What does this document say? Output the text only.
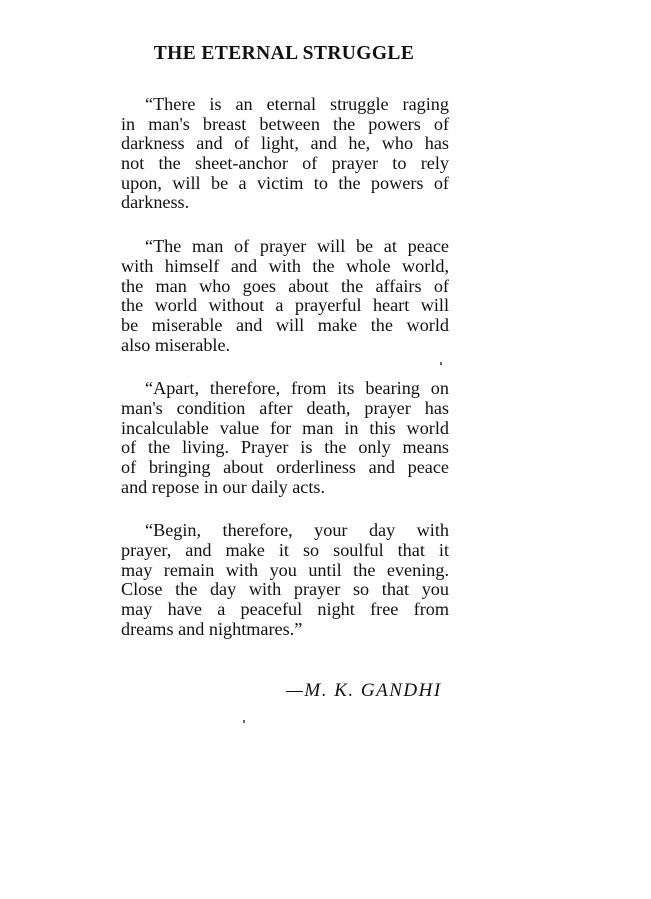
THE ETERNAL STRUGGLE

“There is an eternal struggle raging
in man's breast between the powers of
darkness and of light, and he, who has
not the sheet-anchor of prayer to rely
upon, will be a victim to the powers of
darkness.

“The man of prayer will be at peace
with himself and with the whole world,
the man who goes about the affairs of
the world without a prayerful heart will
be miserable and will make the world
also miserable.

“Apart, therefore, from its bearing on
man's condition after death, prayer has
incalculable value for man in this world
of the living. Prayer is the only means
of bringing about orderliness and peace
and repose in our daily acts.

“Begin, therefore, your day with
prayer, and make it so soulful that it
may remain with you until the evening.
Close the day with prayer so that you
may have a peaceful night free from
dreams and nightmares.”

—M. K. GANDHI
